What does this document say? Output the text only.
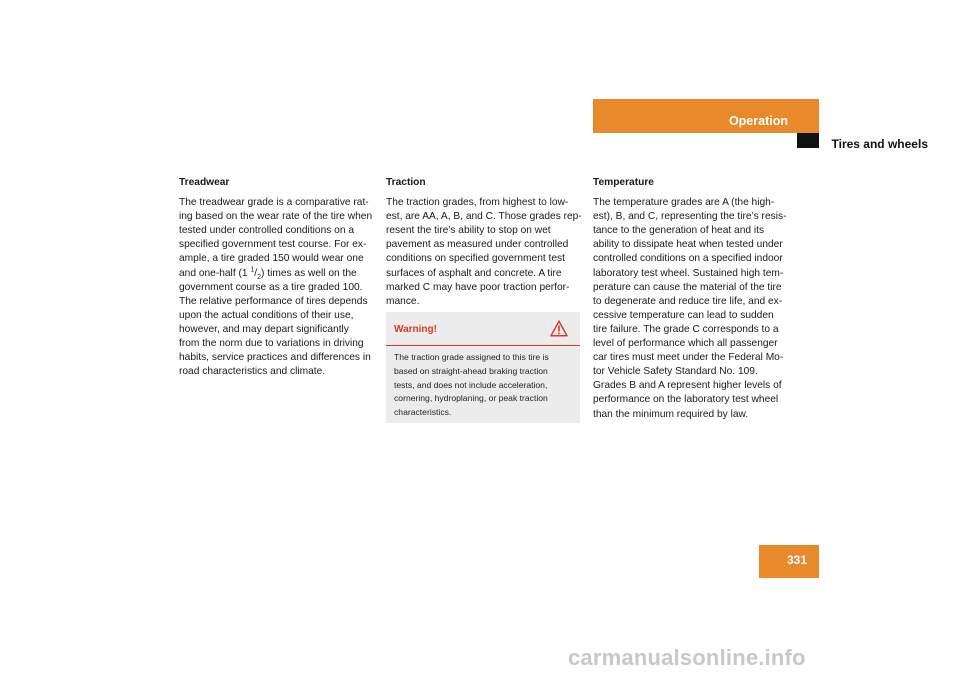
Operation
Tires and wheels

Treadwear

The treadwear grade is a comparative rat-
ing based on the wear rate of the tire when
tested under controlled conditions on a
specified government test course. For ex-
ample, a tire graded 150 would wear one
and one-half (1 $^1/_2$) times as well on the
government course as a tire graded 100.
The relative performance of tires depends
upon the actual conditions of their use,
however, and may depart significantly
from the norm due to variations in driving
habits, service practices and differences in
road characteristics and climate.

Traction

The traction grades, from highest to low-
est, are AA, A, B, and C. Those grades rep-
resent the tire’s ability to stop on wet
pavement as measured under controlled
conditions on specified government test
surfaces of asphalt and concrete. A tire
marked C may have poor traction perfor-
mance.

Warning!
The traction grade assigned to this tire is
based on straight-ahead braking traction
tests, and does not include acceleration,
cornering, hydroplaning, or peak traction
characteristics.

Temperature

The temperature grades are A (the high-
est), B, and C, representing the tire’s resis-
tance to the generation of heat and its
ability to dissipate heat when tested under
controlled conditions on a specified indoor
laboratory test wheel. Sustained high tem-
perature can cause the material of the tire
to degenerate and reduce tire life, and ex-
cessive temperature can lead to sudden
tire failure. The grade C corresponds to a
level of performance which all passenger
car tires must meet under the Federal Mo-
tor Vehicle Safety Standard No. 109.
Grades B and A represent higher levels of
performance on the laboratory test wheel
than the minimum required by law.

331
carmanualsonline.info
